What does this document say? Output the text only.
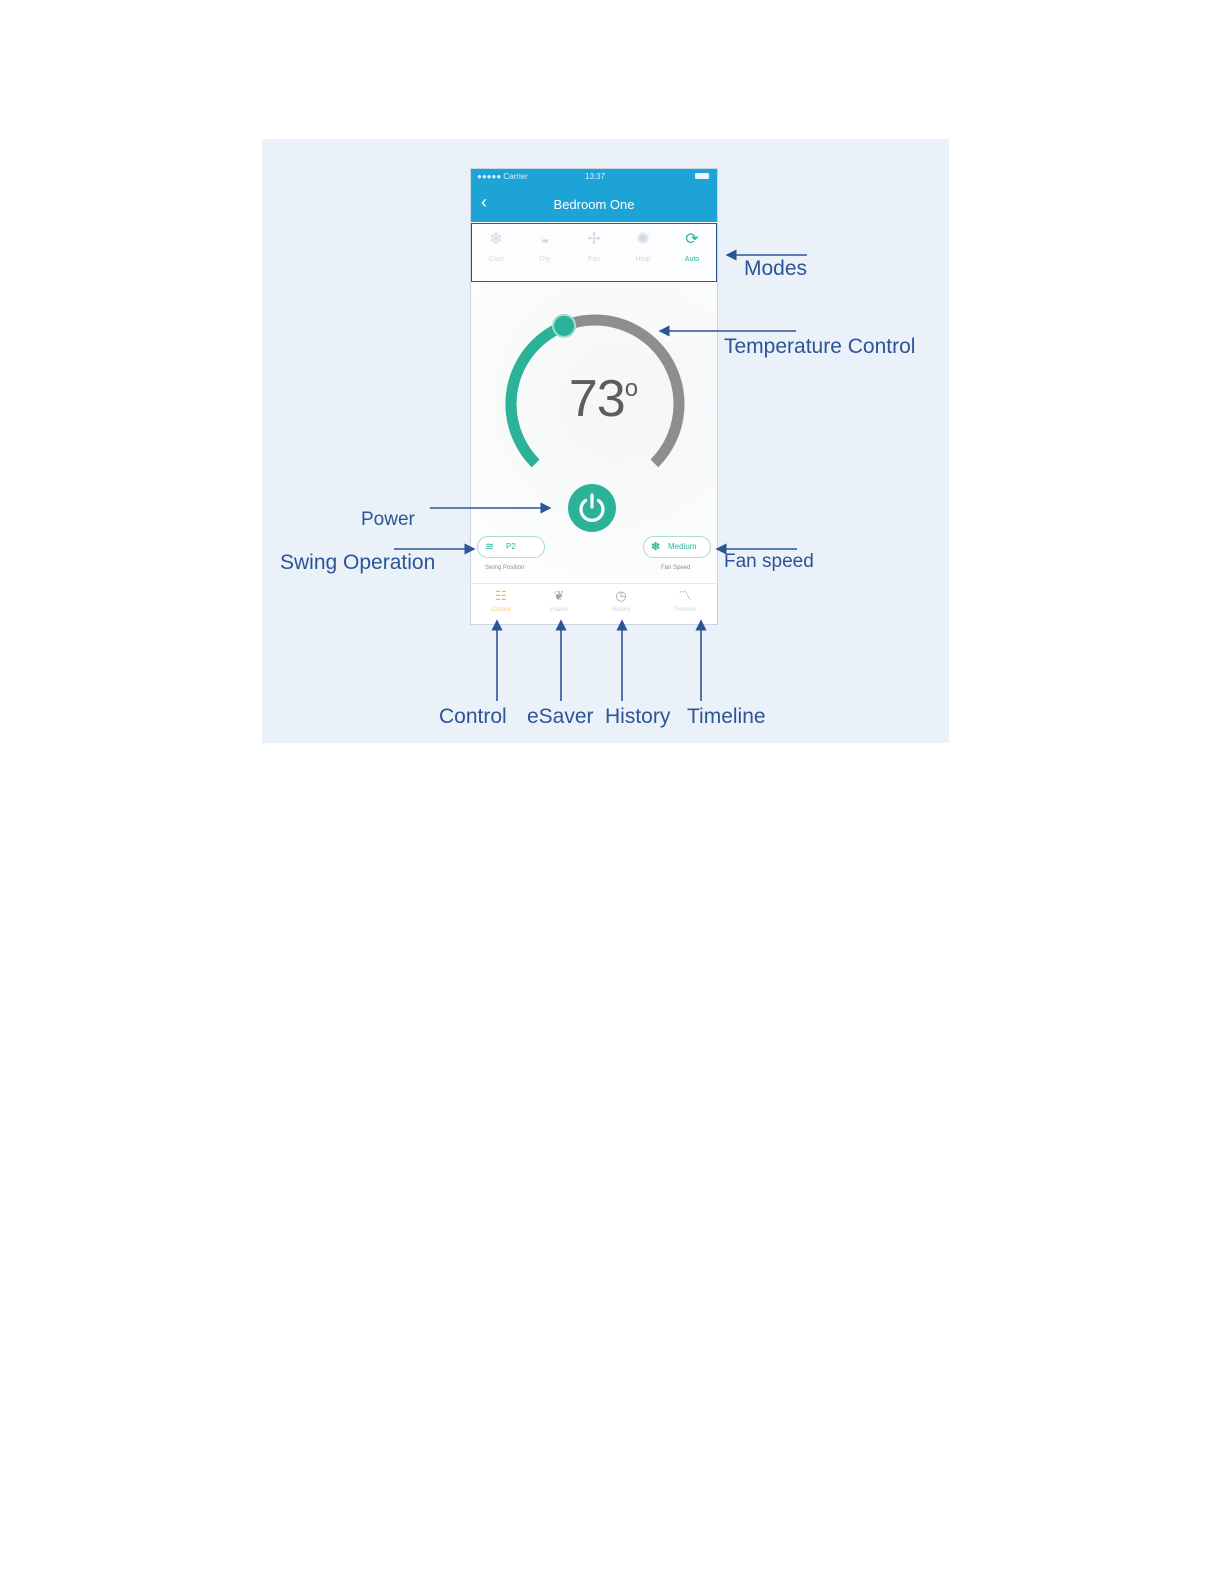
●●●●● Carrier	13:37
‹	Bedroom One
❄
Cool
◒
Dry
✢
Fan
✺
Heat
⟳
Auto
73$^o$
≋ P2
Swing Position
✽ Medium
Fan Speed
☷
Control
❦
eSaver
◷
History
〽
Timeline
Modes
Temperature Control
Power
Swing Operation	Fan speed
Control eSaver History Timeline
